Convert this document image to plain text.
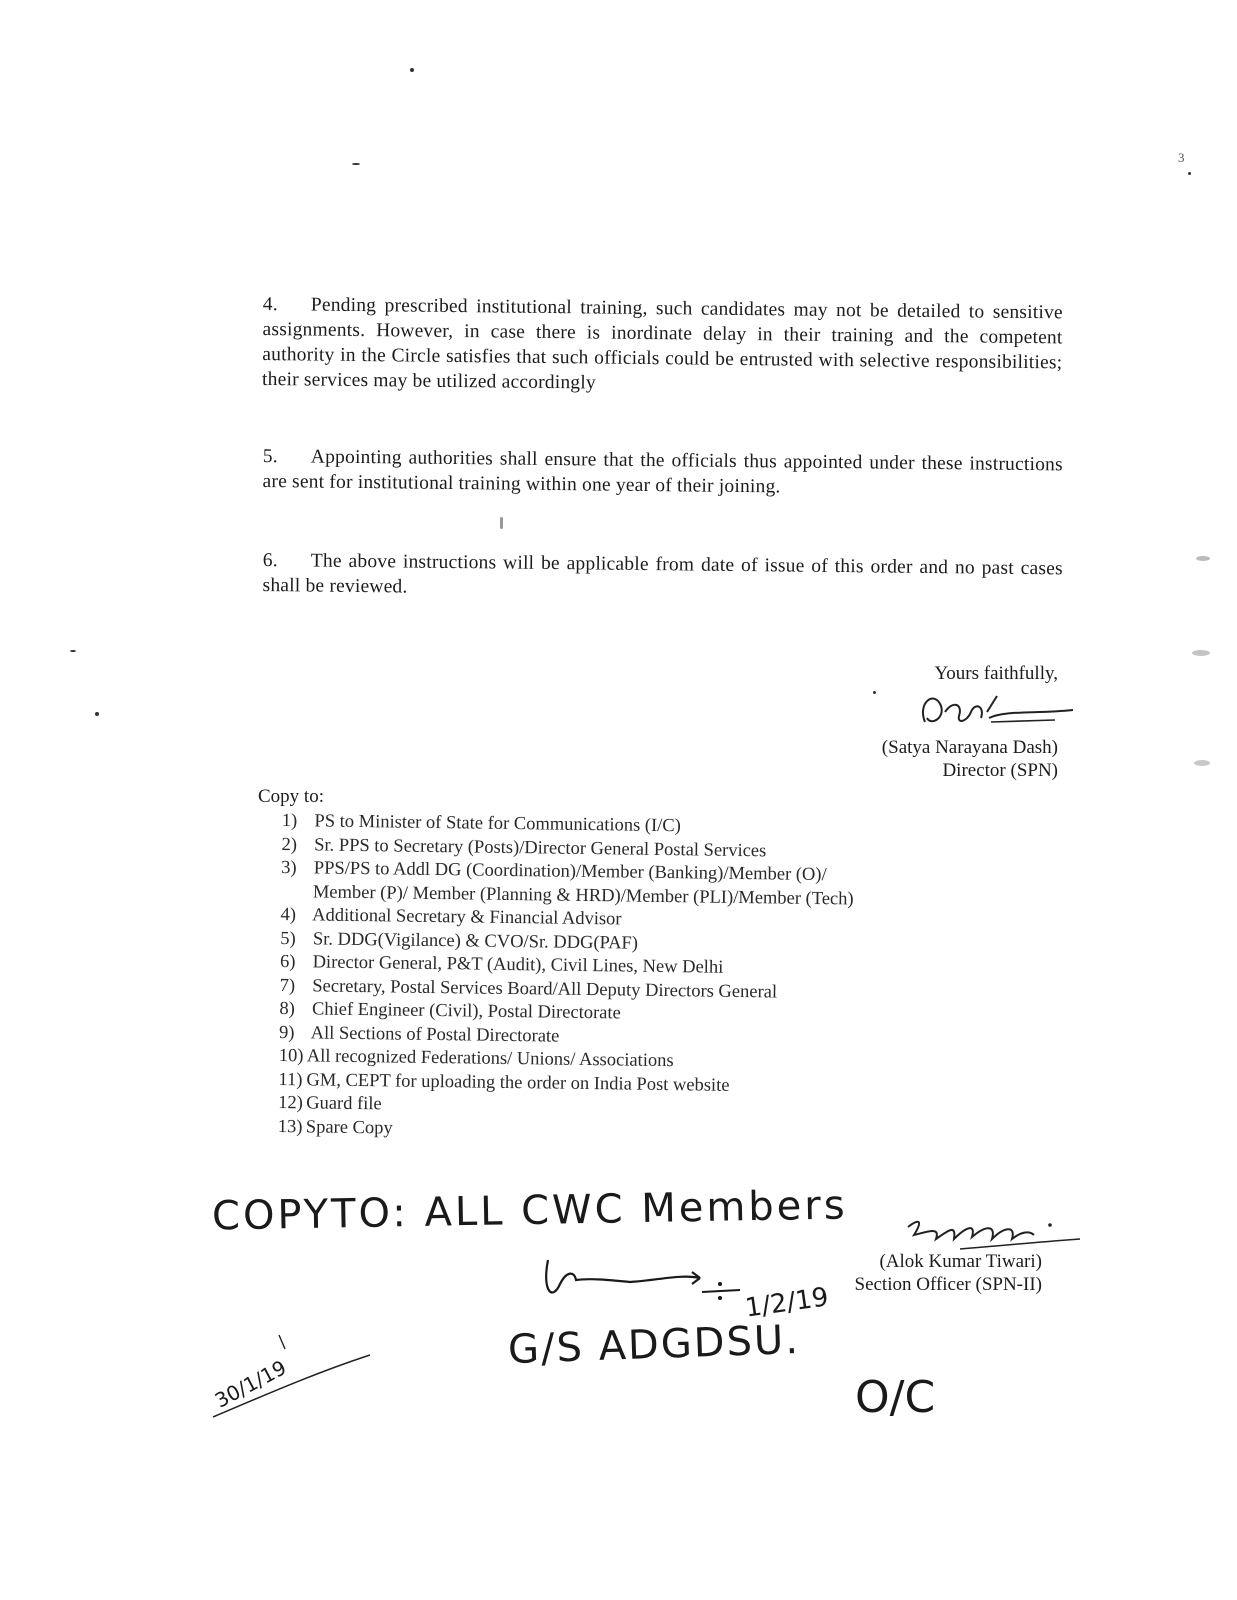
3
4. Pending prescribed institutional training, such candidates may not be detailed to sensitive assignments. However, in case there is inordinate delay in their training and the competent authority in the Circle satisfies that such officials could be entrusted with selective responsibilities; their services may be utilized accordingly
5. Appointing authorities shall ensure that the officials thus appointed under these instructions are sent for institutional training within one year of their joining.
6. The above instructions will be applicable from date of issue of this order and no past cases shall be reviewed.
Yours faithfully,
(Satya Narayana Dash)
Director (SPN)
Copy to:
1) PS to Minister of State for Communications (I/C)
2) Sr. PPS to Secretary (Posts)/Director General Postal Services
3) PPS/PS to Addl DG (Coordination)/Member (Banking)/Member (O)/
Member (P)/ Member (Planning & HRD)/Member (PLI)/Member (Tech)
4) Additional Secretary & Financial Advisor
5) Sr. DDG(Vigilance) & CVO/Sr. DDG(PAF)
6) Director General, P&T (Audit), Civil Lines, New Delhi
7) Secretary, Postal Services Board/All Deputy Directors General
8) Chief Engineer (Civil), Postal Directorate
9) All Sections of Postal Directorate
10) All recognized Federations/ Unions/ Associations
11) GM, CEPT for uploading the order on India Post website
12) Guard file
13) Spare Copy
COPYTO: ALL CWC Members
(Alok Kumar Tiwari)
Section Officer (SPN-II)
1/2/19
G/S ADGDSU.
O/C
30/1/19
